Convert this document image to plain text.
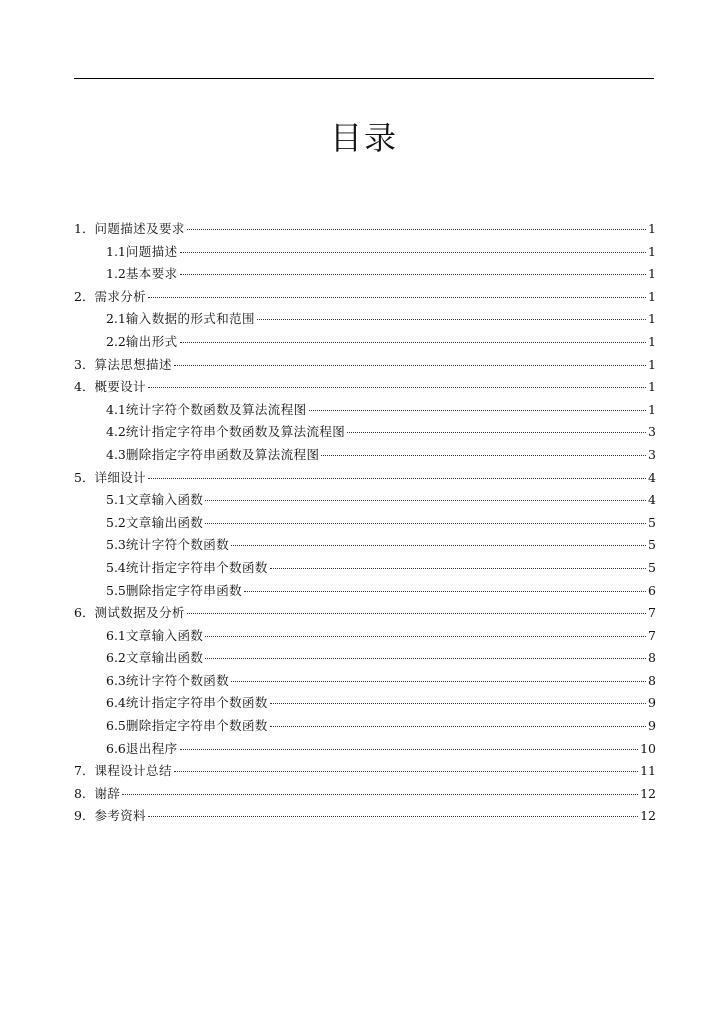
目录
1． 问题描述及要求	1
1.1 问题描述	1
1.2 基本要求	1
2． 需求分析	1
2.1 输入数据的形式和范围	1
2.2 输出形式	1
3． 算法思想描述	1
4． 概要设计	1
4.1 统计字符个数函数及算法流程图	1
4.2 统计指定字符串个数函数及算法流程图	3
4.3 删除指定字符串函数及算法流程图	3
5． 详细设计	4
5.1 文章输入函数	4
5.2 文章输出函数	5
5.3 统计字符个数函数	5
5.4 统计指定字符串个数函数	5
5.5 删除指定字符串函数	6
6． 测试数据及分析	7
6.1 文章输入函数	7
6.2 文章输出函数	8
6.3 统计字符个数函数	8
6.4 统计指定字符串个数函数	9
6.5 删除指定字符串个数函数	9
6.6 退出程序	10
7． 课程设计总结	11
8． 谢辞	12
9． 参考资料	12
